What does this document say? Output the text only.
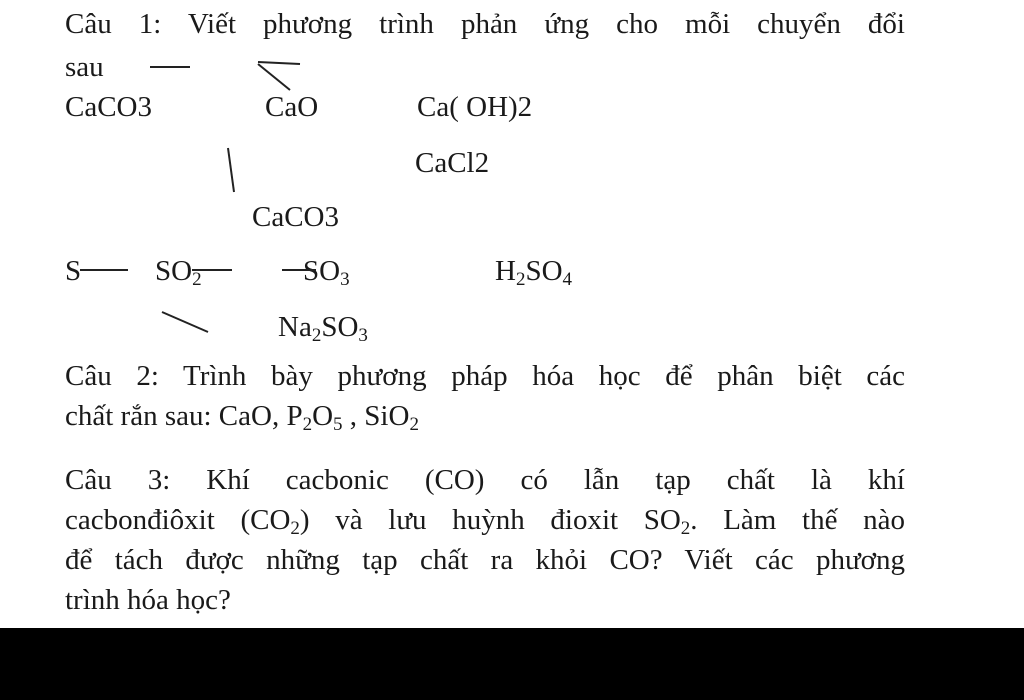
Câu 1: Viết phương trình phản ứng cho mỗi chuyển đổi
sau
CaCO3	CaO	Ca( OH)2
CaCl2
CaCO3
S	$SO_2$	$SO_3$	$H_2SO_4$
$Na_2SO_3$
Câu 2: Trình bày phương pháp hóa học để phân biệt các
chất rắn sau: CaO, $P_2O_5$ , SiO$_2$
Câu 3: Khí cacbonic (CO) có lẫn tạp chất là khí
cacbonđiôxit $(CO_2)$ và lưu huỳnh đioxit $SO_2$. Làm thế nào
để tách được những tạp chất ra khỏi CO? Viết các phương
trình hóa học?
